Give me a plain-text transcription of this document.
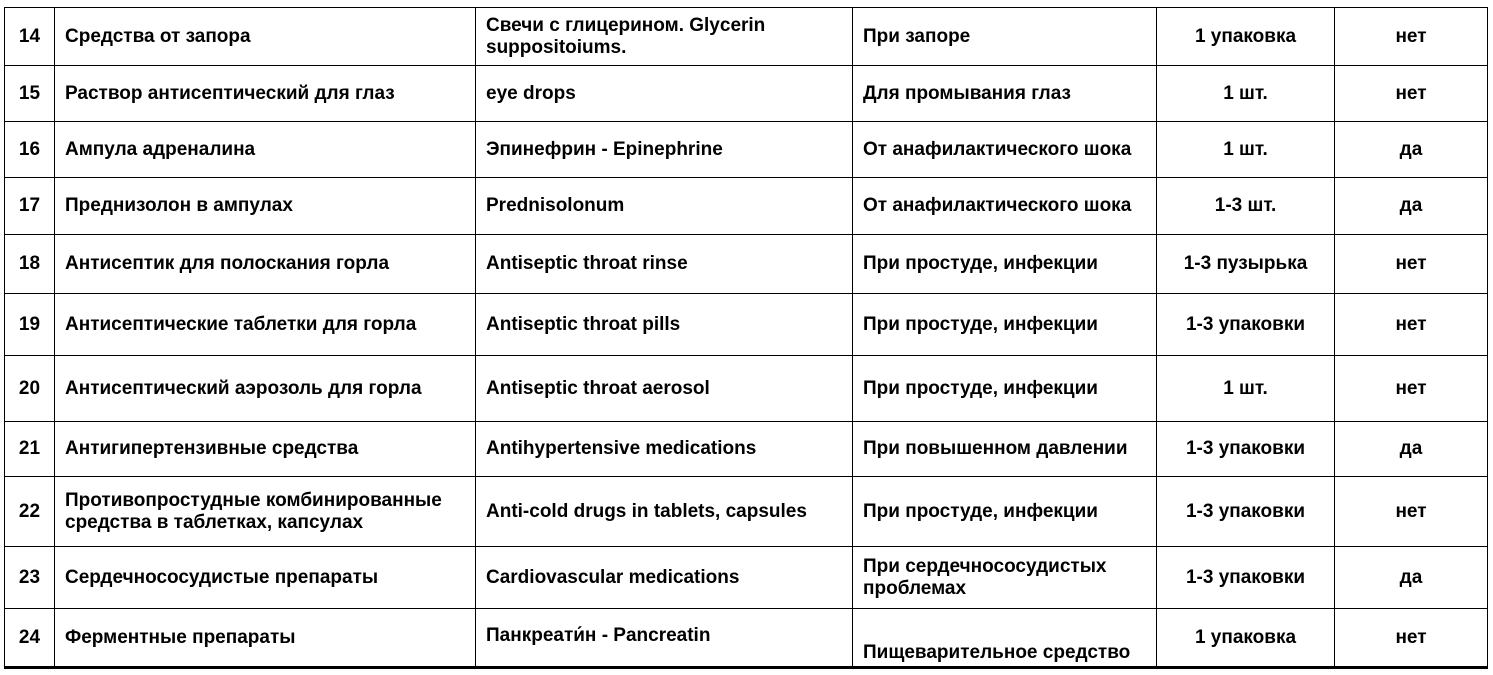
14	Средства от запора	Свечи с глицерином. Glycerin suppositoiums.	При запоре	1 упаковка	нет
15	Раствор антисептический для глаз	eye drops	Для промывания глаз	1 шт.	нет
16	Ампула адреналина	Эпинефрин - Epinephrine	От анафилактического шока	1 шт.	да
17	Преднизолон в ампулах	Prednisolonum	От анафилактического шока	1-3 шт.	да
18	Антисептик для полоскания горла	Antiseptic throat rinse	При простуде, инфекции	1-3 пузырька	нет
19	Антисептические таблетки для горла	Antiseptic throat pills	При простуде, инфекции	1-3 упаковки	нет
20	Антисептический аэрозоль для горла	Antiseptic throat aerosol	При простуде, инфекции	1 шт.	нет
21	Антигипертензивные средства	Antihypertensive medications	При повышенном давлении	1-3 упаковки	да
22	Противопростудные комбинированные средства в таблетках, капсулах	Anti-cold drugs in tablets, capsules	При простуде, инфекции	1-3 упаковки	нет
23	Сердечнососудистые препараты	Cardiovascular medications	При сердечнососудистых проблемах	1-3 упаковки	да
24	Ферментные препараты	Панкреати́н - Pancreatin	Пищеварительное средство	1 упаковка	нет
